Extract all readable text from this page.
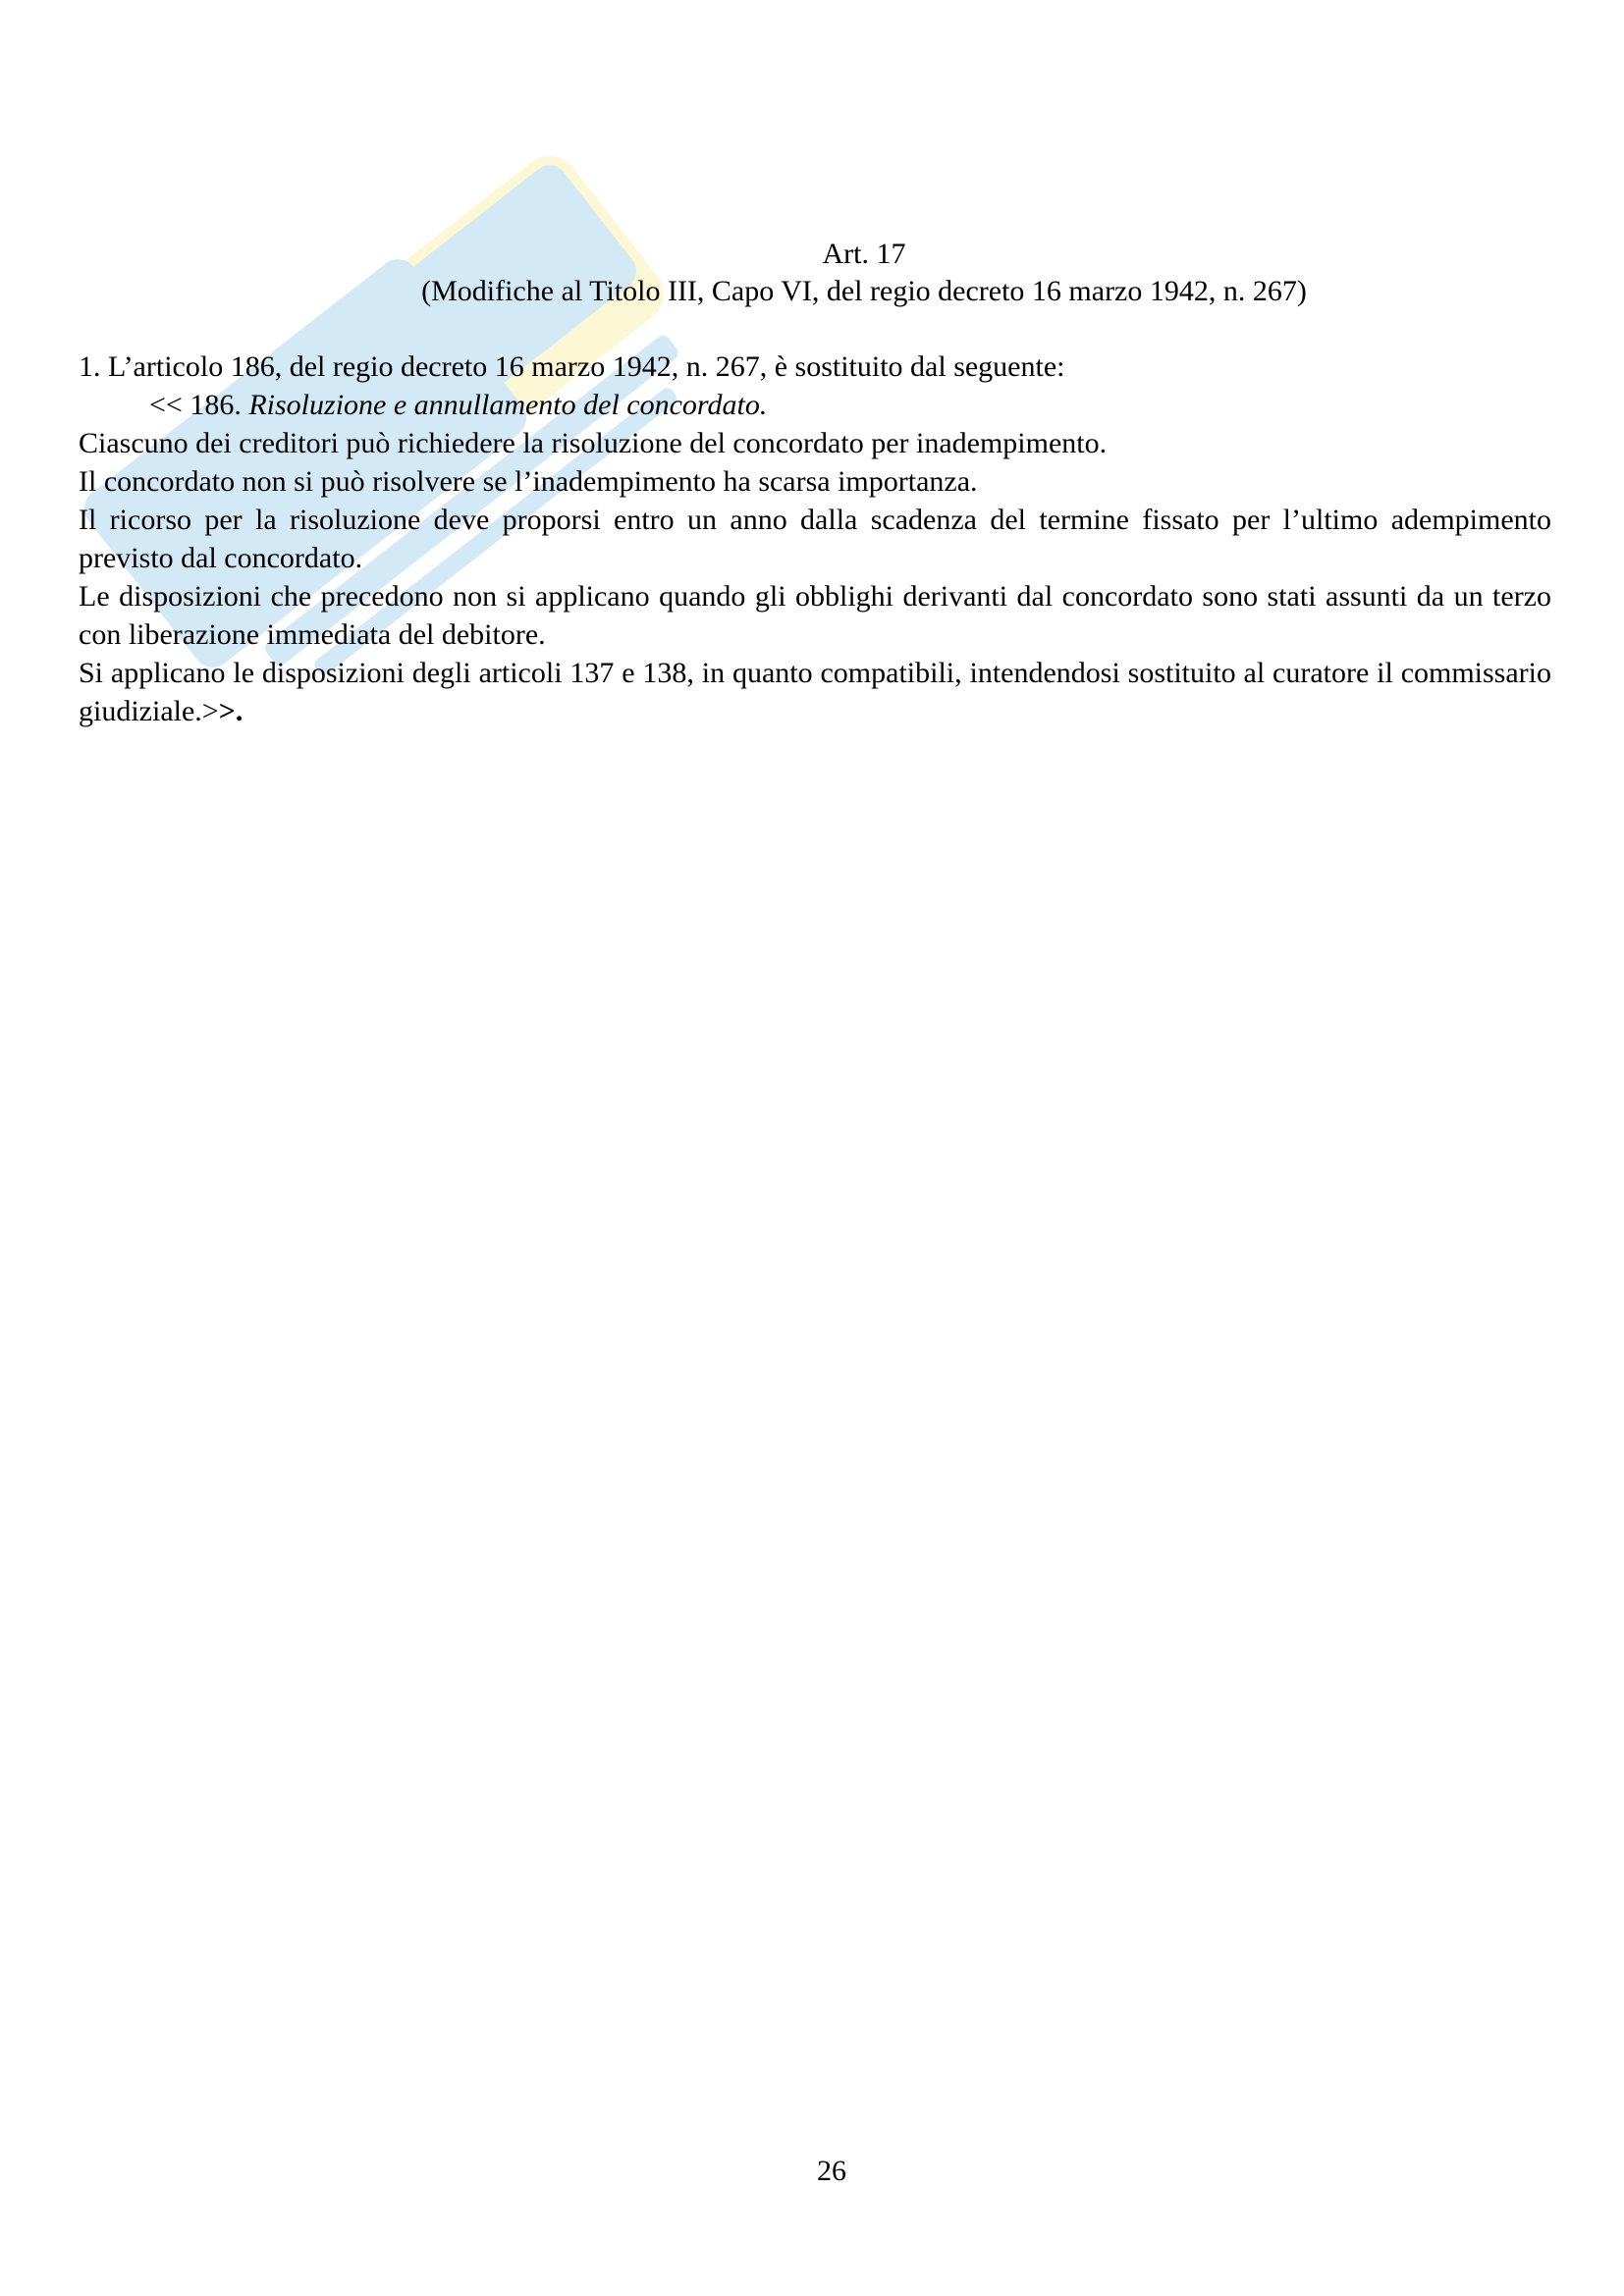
Art. 17

(Modifiche al Titolo III, Capo VI, del regio decreto 16 marzo 1942, n. 267)

1. L’articolo 186, del regio decreto 16 marzo 1942, n. 267, è sostituito dal seguente:

<< 186. Risoluzione e annullamento del concordato.

Ciascuno dei creditori può richiedere la risoluzione del concordato per inadempimento.

Il concordato non si può risolvere se l’inadempimento ha scarsa importanza.

Il ricorso per la risoluzione deve proporsi entro un anno dalla scadenza del termine fissato per l’ultimo adempimento previsto dal concordato.

Le disposizioni che precedono non si applicano quando gli obblighi derivanti dal concordato sono stati assunti da un terzo con liberazione immediata del debitore.

Si applicano le disposizioni degli articoli 137 e 138, in quanto compatibili, intendendosi sostituito al curatore il commissario giudiziale.>>.

26
